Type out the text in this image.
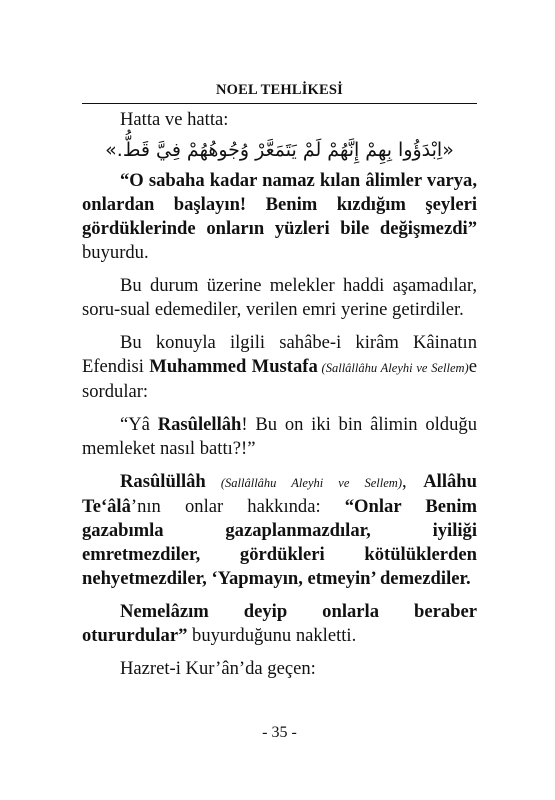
NOEL TEHLİKESİ

Hatta ve hatta:

«اِبْدَؤُوا بِهِمْ إِنَّهُمْ لَمْ يَتَمَعَّرْ وُجُوهُهُمْ فِيَّ قَطُّ.»

“O sabaha kadar namaz kılan âlimler varya, onlardan başlayın! Benim kızdığım şeyleri gördüklerinde onların yüzleri bile değişmezdi” buyurdu.

Bu durum üzerine melekler haddi aşamadılar, soru-sual edemediler, verilen emri yerine getirdiler.

Bu konuyla ilgili sahâbe-i kirâm Kâinatın Efendisi Muhammed Mustafa (Sallâllâhu Aleyhi ve Sellem)e sordular:

“Yâ Rasûlellâh! Bu on iki bin âlimin olduğu memleket nasıl battı?!”

Rasûlüllâh (Sallâllâhu Aleyhi ve Sellem), Allâhu Te‘âlâ’nın onlar hakkında: “Onlar Benim gazabımla gazaplanmazdılar, iyiliği emretmezdiler, gördükleri kötülüklerden nehyetmezdiler, ‘Yapmayın, etmeyin’ demezdiler.

Nemelâzım deyip onlarla beraber otururdular” buyurduğunu nakletti.

Hazret-i Kur’ân’da geçen:

- 35 -
